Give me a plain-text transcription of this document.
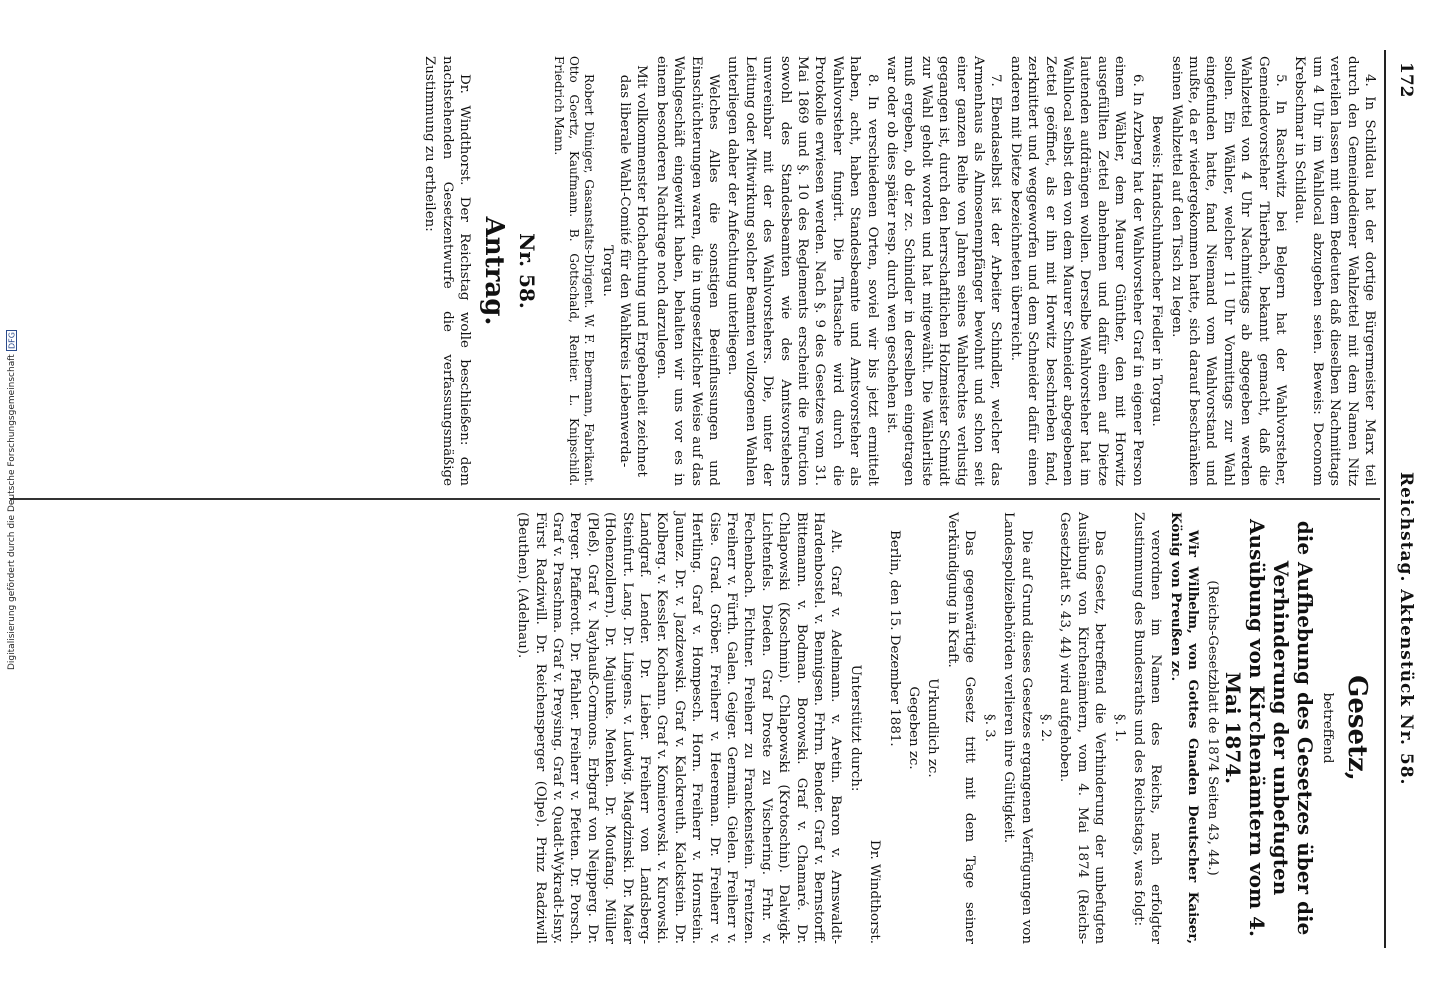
172
Reichstag. Aktenstück Nr. 58.

4. In Schildau hat der dortige Bürgermeister Marx teil durch den Gemeindediener Wahlzettel mit dem Namen Nitz verteilen lassen mit dem Bedeuten daß dieselben Nachmittags um 4 Uhr im Wahllocal abzugeben seien. Beweis: Deconom Krebschmar in Schildau.

5. In Raschwitz bei Belgern hat der Wahlvorsteher, Gemeindevorsteher Thierbach, bekannt gemacht, daß die Wahlzettel von 4 Uhr Nachmittags ab abgegeben werden sollen. Ein Wähler, welcher 11 Uhr Vormittags zur Wahl eingefunden hatte, fand Niemand vom Wahlvorstand und mußte, da er wiedergekommen hatte, sich darauf beschränken seinen Wahlzettel auf den Tisch zu legen.

Beweis: Handschuhmacher Fiedler in Torgau.

6. In Arzberg hat der Wahlvorsteher Graf in eigener Person einem Wähler, dem Maurer Günther, den mit Horwitz ausgefüllten Zettel abnehmen und dafür einen auf Dietze lautenden aufdrängen wollen. Derselbe Wahlvorsteher hat im Wahllocal selbst den von dem Maurer Schneider abgegebenen Zettel geöffnet, als er ihn mit Horwitz beschrieben fand, zerknittert und weggeworfen und dem Schneider dafür einen anderen mit Dietze bezeichneten überreicht.

7. Ebendaselbst ist der Arbeiter Schindler, welcher das Armenhaus als Almosenempfänger bewohnt und schon seit einer ganzen Reihe von Jahren seines Wahlrechtes verlustig gegangen ist, durch den herrschaftlichen Holzmeister Schmidt zur Wahl geholt worden und hat mitgewählt. Die Wählerliste muß ergeben, ob der zc. Schindler in derselben eingetragen war oder ob dies später resp. durch wen geschehen ist.

8. In verschiedenen Orten, soviel wir bis jetzt ermittelt haben, acht, haben Standesbeamte und Amtsvorsteher als Wahlvorsteher fungirt. Die Thatsache wird durch die Protokolle erwiesen werden. Nach §. 9 des Gesetzes vom 31. Mai 1869 und §. 10 des Reglements erscheint die Function sowohl des Standesbeamten wie des Amtsvorstehers unvereinbar mit der des Wahlvorstehers. Die, unter der Leitung oder Mitwirkung solcher Beamten vollzogenen Wahlen unterliegen daher der Anfechtung unterliegen.

Welches Alles die sonstigen Beeinflussungen und Einschüchterungen waren, die in ungesetzlicher Weise auf das Wahlgeschäft eingewirkt haben, behalten wir uns vor es in einem besonderen Nachtrage noch darzulegen.

Mit vollkommenster Hochachtung und Ergebenheit zeichnet das liberale Wahl-Comité für den Wahlkreis Liebenwerda-Torgau.

Robert Düniger, Gasanstalts-Dirigent. W. F. Ebermann, Fabrikant. Otto Goertz, Kaufmann. B. Gottschald, Rentier. L. Knipschild. Friedrich Mann.

Nr. 58.
Antrag.

Dr. Windthorst. Der Reichstag wolle beschließen: dem nachstehenden Gesetzentwurfe die verfassungsmäßige Zustimmung zu ertheilen:

Gesetz,

betreffend

die Aufhebung des Gesetzes über die Verhinderung der unbefugten Ausübung von Kirchenämtern vom 4. Mai 1874.

(Reichs-Gesetzblatt de 1874 Seiten 43, 44.)

Wir Wilhelm, von Gottes Gnaden Deutscher Kaiser, König von Preußen zc.

verordnen im Namen des Reichs, nach erfolgter Zustimmung des Bundesraths und des Reichstags, was folgt:

§. 1.

Das Gesetz, betreffend die Verhinderung der unbefugten Ausübung von Kirchenämtern, vom 4. Mai 1874 (Reichs-Gesetzblatt S. 43, 44) wird aufgehoben.

§. 2.

Die auf Grund dieses Gesetzes ergangenen Verfügungen von Landespolizeibehörden verlieren ihre Gültigkeit.

§. 3.

Das gegenwärtige Gesetz tritt mit dem Tage seiner Verkündigung in Kraft.

Urkundlich zc.

Gegeben zc.

Berlin, den 15. Dezember 1881.

Dr. Windthorst.

Unterstützt durch:

Alt. Graf v. Adelmann. v. Aretin. Baron v. Arnswaldt-Hardenbostel. v. Bennigsen. Frhrn. Bender. Graf v. Bernstorff. Bittemann. v. Bodman. Borowski. Graf v. Chamaré. Dr. Chlapowski (Koschmin). Chlapowski (Krotoschin). Dalwigk-Lichtenfels. Dieden. Graf Droste zu Vischering. Frhr. v. Fechenbach. Fichtner. Freiherr zu Franckenstein. Frentzen. Freiherr v. Fürth. Galen. Geiger. Germain. Gielen. Freiherr v. Gise. Grad. Gröber. Freiherr v. Heereman. Dr. Freiherr v. Hertling. Graf v. Hompesch. Horn. Freiherr v. Hornstein. Jaunez. Dr. v. Jazdzewski. Graf v. Kalckreuth. Kalckstein. Dr. Kolberg. v. Kessler. Kochann. Graf v. Komierowski. v. Kurowski. Landgraf. Lender. Dr. Lieber. Freiherr von Landsberg-Steinfurt. Lang. Dr. Lingens. v. Ludwig. Magdzinski. Dr. Maier (Hohenzollern). Dr. Majunke. Menken. Dr. Moufang. Müller (Pleß). Graf v. Nayhauß-Cormons. Erbgraf von Neipperg. Dr. Perger. Pfafferott. Dr. Pfahler. Freiherr v. Pfetten. Dr. Porsch. Graf v. Praschma. Graf v. Preysing. Graf v. Quadt-Wykradt-Isny. Fürst Radziwill. Dr. Reichensperger (Olpe). Prinz Radziwill (Beuthen). (Adelnau).

Digitalisierung gefördert durch die Deutsche Forschungsgemeinschaft
DFG
